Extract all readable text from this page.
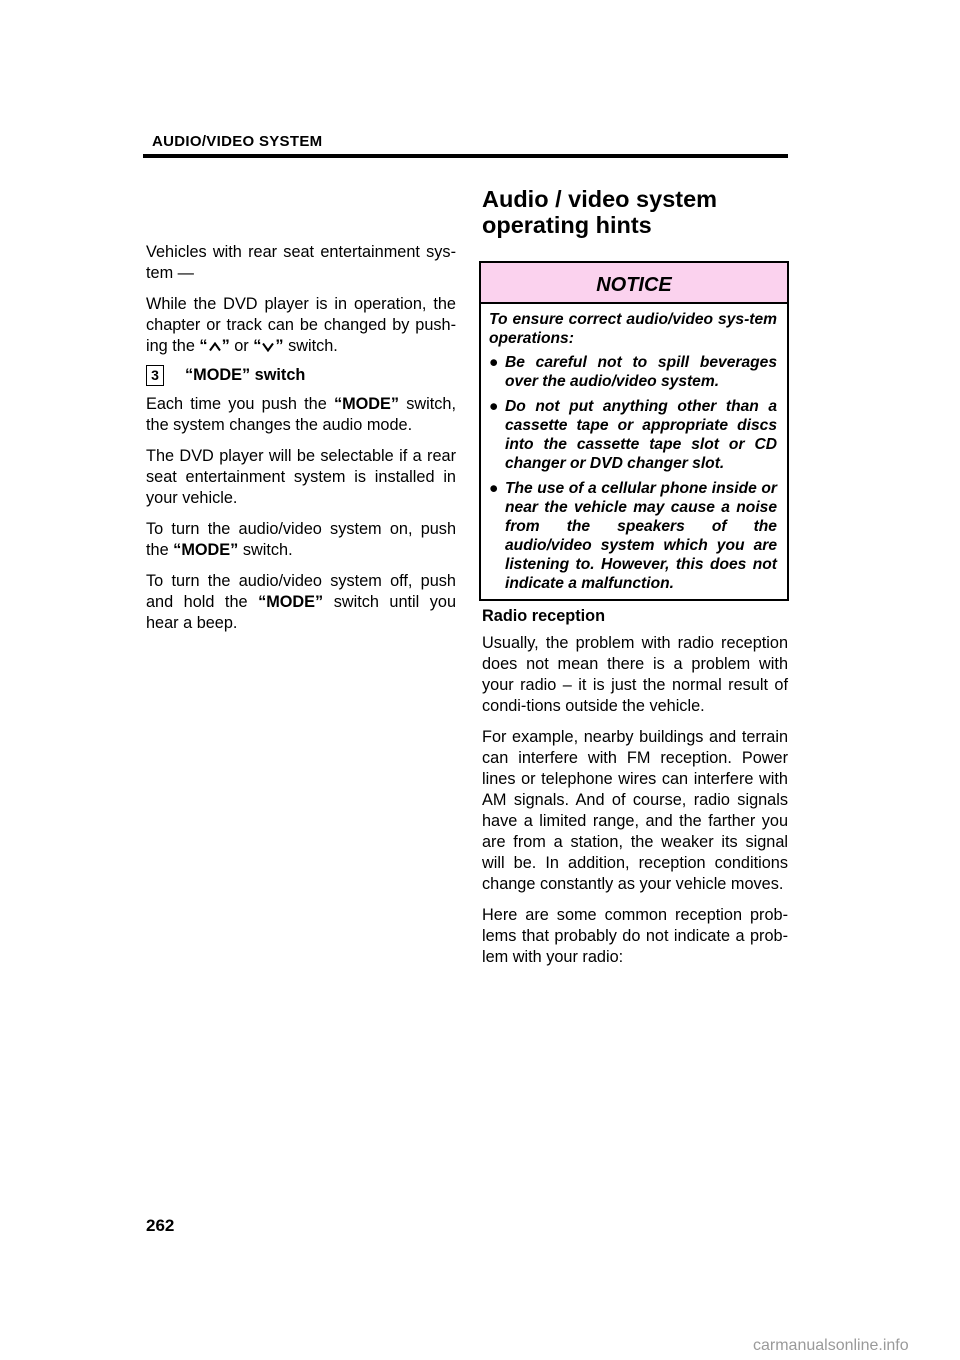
AUDIO/VIDEO SYSTEM
Audio / video system operating hints

Vehicles with rear seat entertainment sys-tem —

While the DVD player is in operation, the chapter or track can be changed by push-ing the “ ” or “ ” switch.

3	“MODE” switch

Each time you push the “MODE” switch, the system changes the audio mode.

The DVD player will be selectable if a rear seat entertainment system is installed in your vehicle.

To turn the audio/video system on, push the “MODE” switch.

To turn the audio/video system off, push and hold the “MODE” switch until you hear a beep.

NOTICE

To ensure correct audio/video sys-tem operations:

● Be careful not to spill beverages over the audio/video system.
● Do not put anything other than a cassette tape or appropriate discs into the cassette tape slot or CD changer or DVD changer slot.
● The use of a cellular phone inside or near the vehicle may cause a noise from the speakers of the audio/video system which you are listening to. However, this does not indicate a malfunction.
Radio reception

Usually, the problem with radio reception does not mean there is a problem with your radio – it is just the normal result of condi-tions outside the vehicle.

For example, nearby buildings and terrain can interfere with FM reception. Power lines or telephone wires can interfere with AM signals. And of course, radio signals have a limited range, and the farther you are from a station, the weaker its signal will be. In addition, reception conditions change constantly as your vehicle moves.

Here are some common reception prob-lems that probably do not indicate a prob-lem with your radio:

262
carmanualsonline.info
